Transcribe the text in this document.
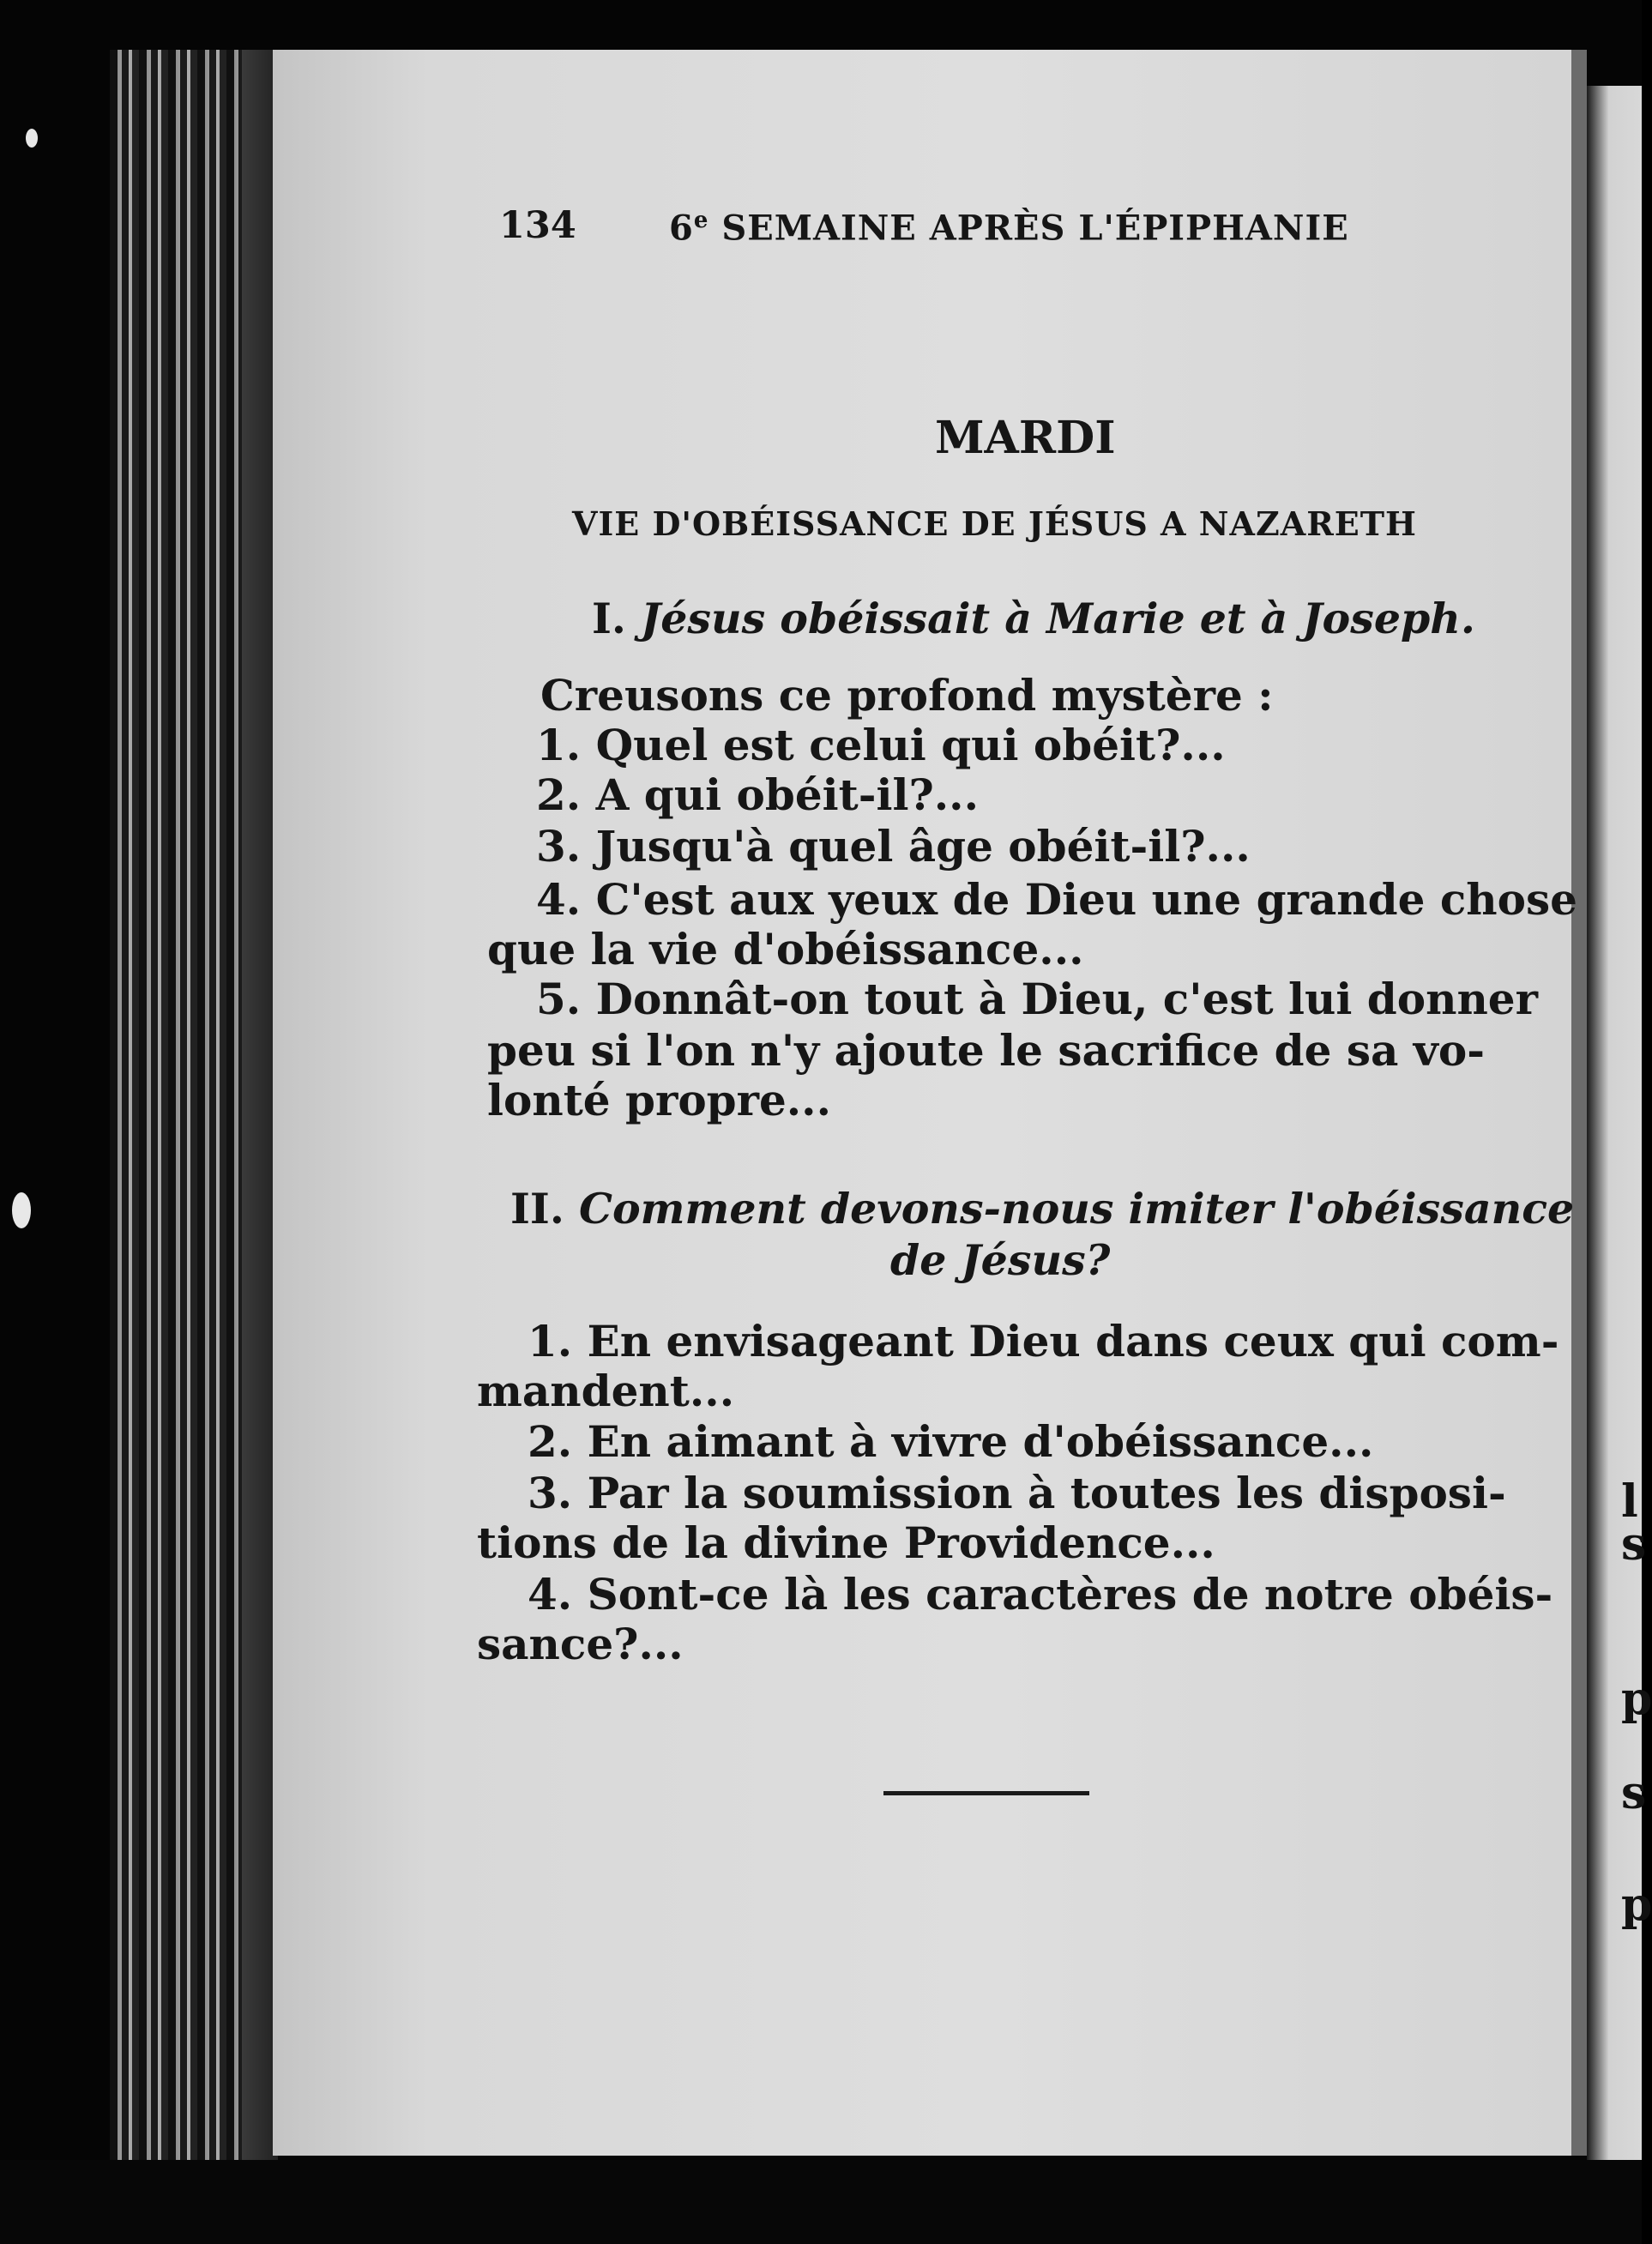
l
s
p
s
p
134	6e SEMAINE APRÈS L'ÉPIPHANIE
MARDI
VIE D'OBÉISSANCE DE JÉSUS A NAZARETH
I. Jésus obéissait à Marie et à Joseph.
Creusons ce profond mystère :
1. Quel est celui qui obéit?...
2. A qui obéit-il?...
3. Jusqu'à quel âge obéit-il?...
4. C'est aux yeux de Dieu une grande chose
que la vie d'obéissance...
5. Donnât-on tout à Dieu, c'est lui donner
peu si l'on n'y ajoute le sacrifice de sa vo-
lonté propre...
II. Comment devons-nous imiter l'obéissance
de Jésus?
1. En envisageant Dieu dans ceux qui com-
mandent...
2. En aimant à vivre d'obéissance...
3. Par la soumission à toutes les disposi-
tions de la divine Providence...
4. Sont-ce là les caractères de notre obéis-
sance?...
